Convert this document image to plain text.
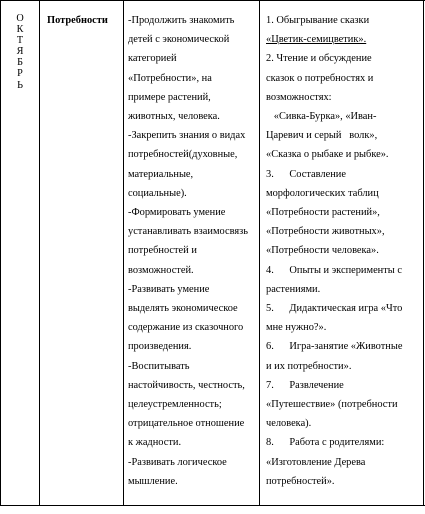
О
К
Т
Я
Б
Р
Ь
Потребности	-Продолжить знакомить
детей с экономической
категорией
«Потребности», на
примере растений,
животных, человека.
-Закрепить знания о видах
потребностей(духовные,
материальные,
социальные).
-Формировать умение
устанавливать взаимосвязь
потребностей и
возможностей.
-Развивать умение
выделять экономическое
содержание из сказочного
произведения.
-Воспитывать
настойчивость, честность,
целеустремленность;
отрицательное отношение
к жадности.
-Развивать логическое
мышление.
1. Обыгрывание сказки
«Цветик-семицветик».
2. Чтение и обсуждение
сказок о потребностях и
возможностях:
«Сивка-Бурка», «Иван-
Царевич и серый   волк»,
«Сказка о рыбаке и рыбке».
3.      Составление
морфологических таблиц
«Потребности растений»,
«Потребности животных»,
«Потребности человека».
4.      Опыты и эксперименты с
растениями.
5.      Дидактическая игра «Что
мне нужно?».
6.      Игра-занятие «Животные
и их потребности».
7.      Развлечение
«Путешествие» (потребности
человека).
8.      Работа с родителями:
«Изготовление Дерева
потребностей».
